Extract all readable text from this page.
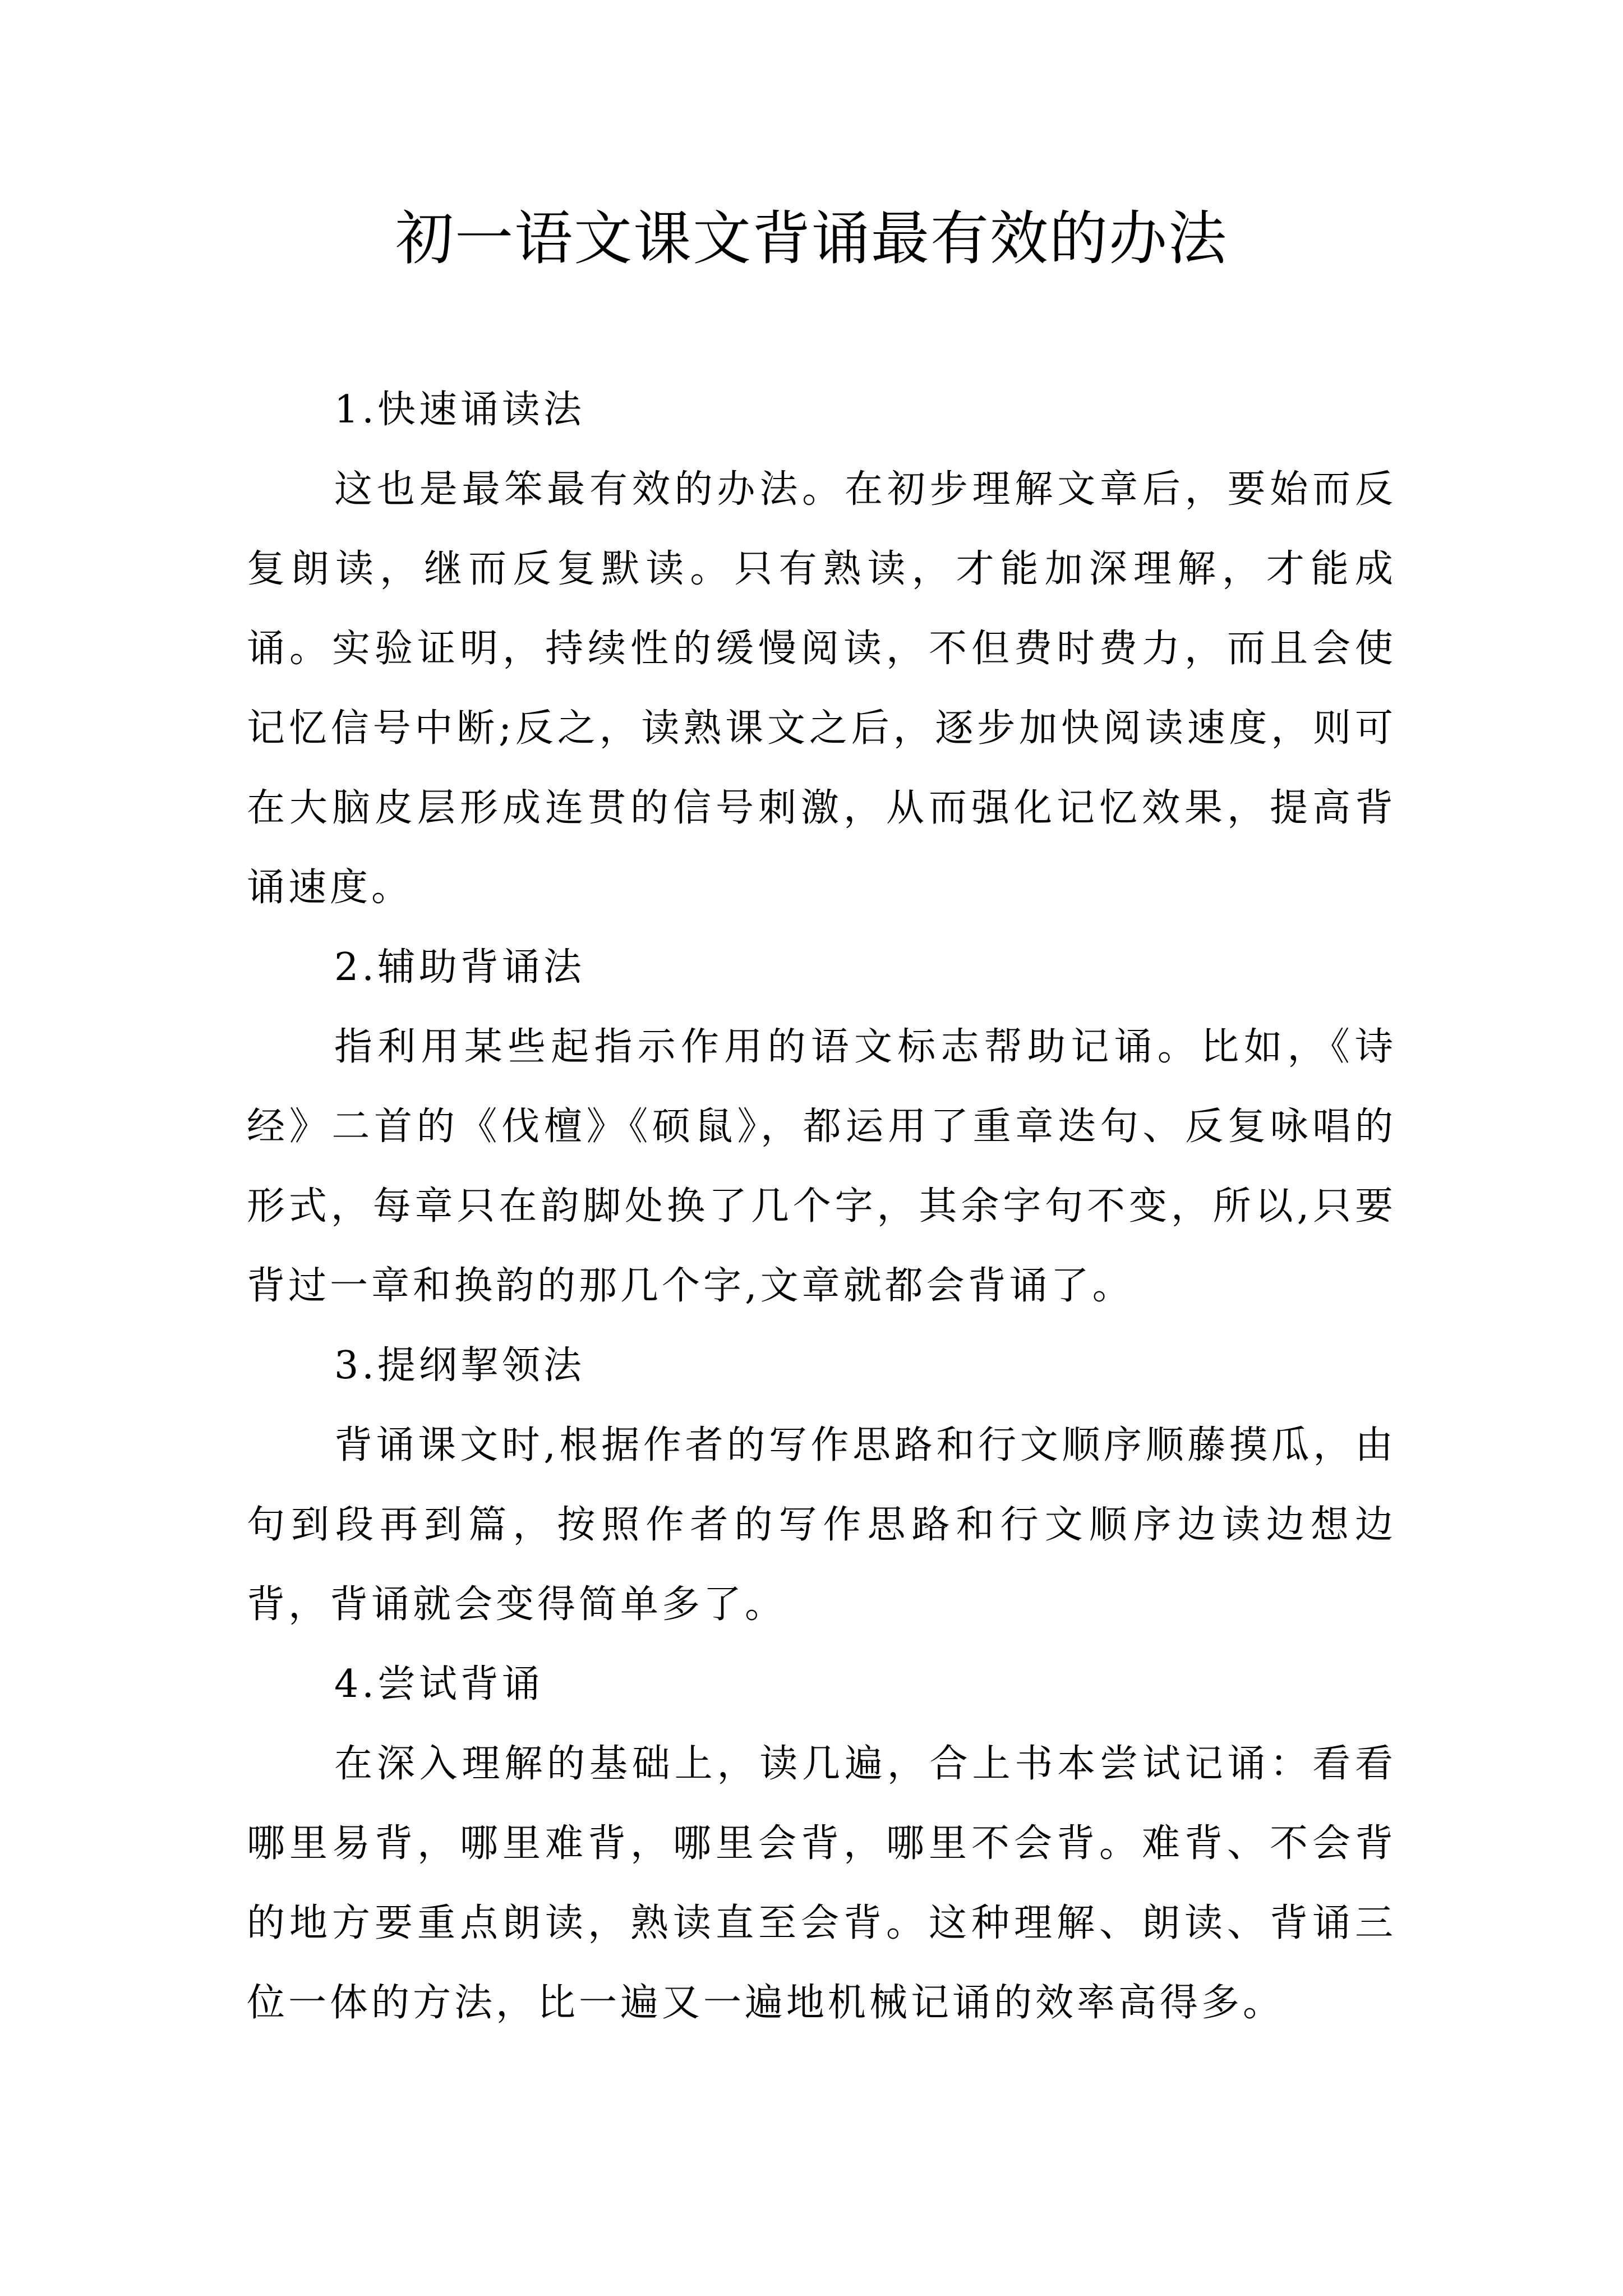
初一语文课文背诵最有效的办法

1.快速诵读法

这也是最笨最有效的办法。在初步理解文章后，要始而反复朗读，继而反复默读。只有熟读，才能加深理解，才能成诵。实验证明，持续性的缓慢阅读，不但费时费力，而且会使记忆信号中断;反之，读熟课文之后，逐步加快阅读速度，则可在大脑皮层形成连贯的信号刺激，从而强化记忆效果，提高背诵速度。

2.辅助背诵法

指利用某些起指示作用的语文标志帮助记诵。比如，《诗经》二首的《伐檀》《硕鼠》，都运用了重章迭句、反复咏唱的形式，每章只在韵脚处换了几个字，其余字句不变，所以,只要背过一章和换韵的那几个字,文章就都会背诵了。

3.提纲挈领法

背诵课文时,根据作者的写作思路和行文顺序顺藤摸瓜，由句到段再到篇，按照作者的写作思路和行文顺序边读边想边背，背诵就会变得简单多了。

4.尝试背诵

在深入理解的基础上，读几遍，合上书本尝试记诵：看看哪里易背，哪里难背，哪里会背，哪里不会背。难背、不会背的地方要重点朗读，熟读直至会背。这种理解、朗读、背诵三位一体的方法，比一遍又一遍地机械记诵的效率高得多。
